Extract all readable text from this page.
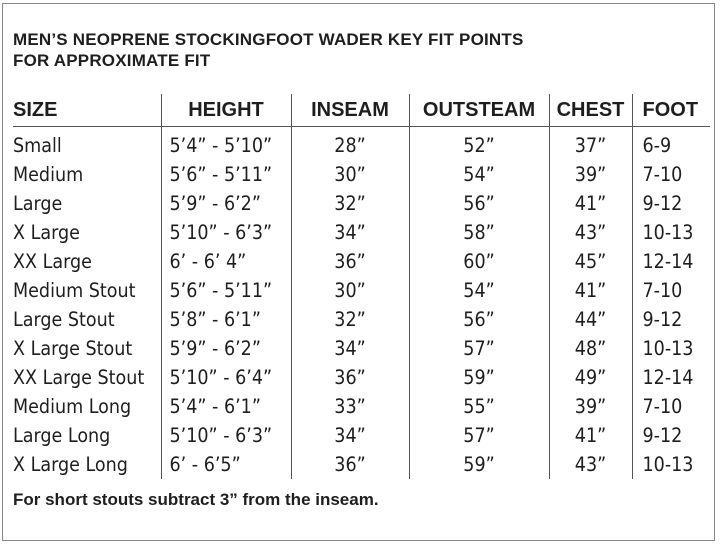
MEN’S NEOPRENE STOCKINGFOOT WADER KEY FIT POINTS
FOR APPROXIMATE FIT
SIZE	HEIGHT	INSEAM	OUTSTEAM	CHEST	FOOT
Small	5’4” - 5’10”	28”	52”	37”	6-9
Medium	5’6” - 5’11”	30”	54”	39”	7-10
Large	5’9” - 6’2”	32”	56”	41”	9-12
X Large	5’10” - 6’3”	34”	58”	43”	10-13
XX Large	6’ - 6’ 4”	36”	60”	45”	12-14
Medium Stout	5’6” - 5’11”	30”	54”	41”	7-10
Large Stout	5’8” - 6’1”	32”	56”	44”	9-12
X Large Stout	5’9” - 6’2”	34”	57”	48”	10-13
XX Large Stout	5’10” - 6’4”	36”	59”	49”	12-14
Medium Long	5’4” - 6’1”	33”	55”	39”	7-10
Large Long	5’10” - 6’3”	34”	57”	41”	9-12
X Large Long	6’ - 6’5”	36”	59”	43”	10-13
For short stouts subtract 3” from the inseam.
